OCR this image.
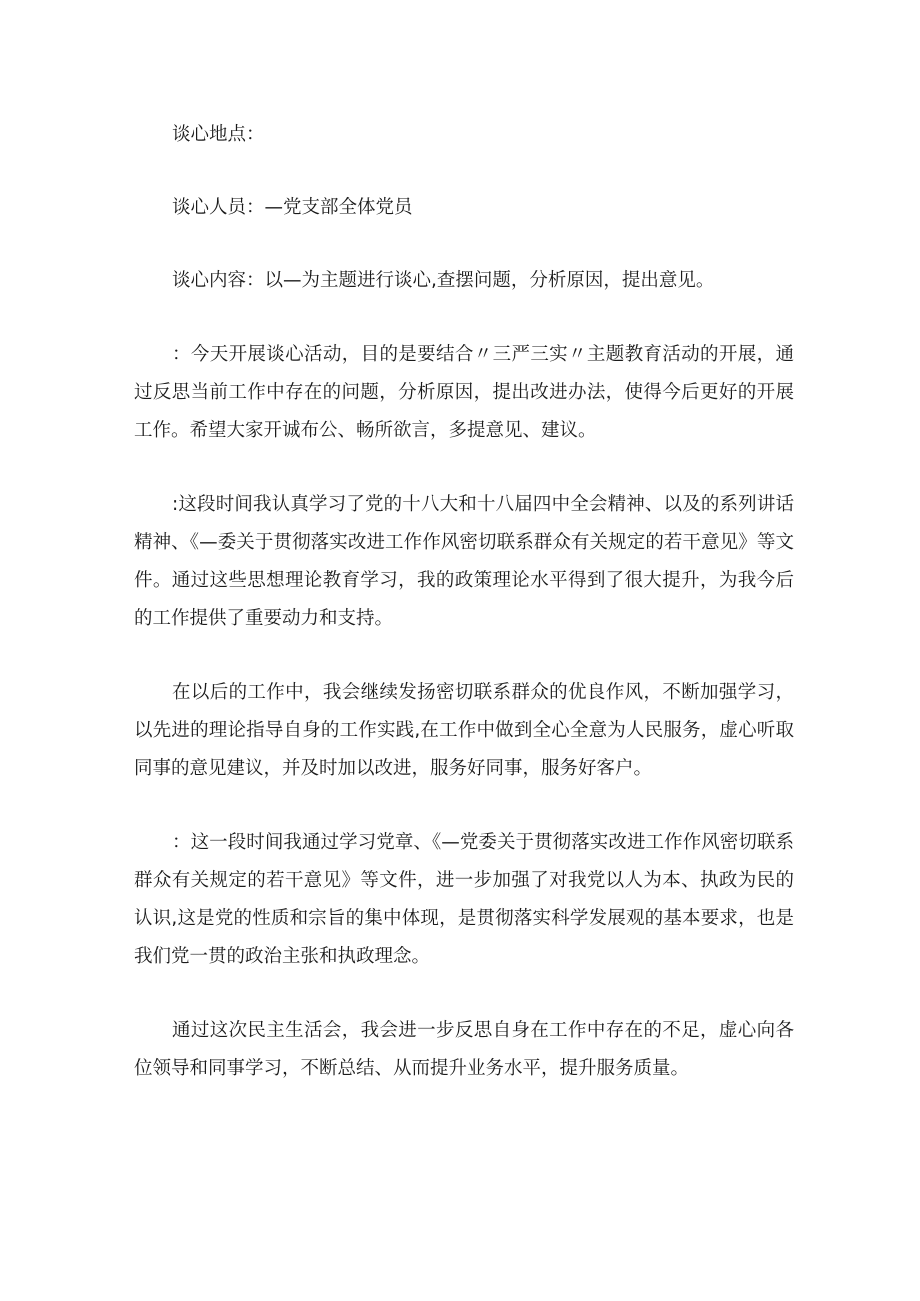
谈心地点：

谈心人员：—党支部全体党员

谈心内容：以—为主题进行谈心,查摆问题，分析原因，提出意见。

：今天开展谈心活动，目的是要结合〃三严三实〃主题教育活动的开展，通过反思当前工作中存在的问题，分析原因，提出改进办法，使得今后更好的开展工作。希望大家开诚布公、畅所欲言，多提意见、建议。

:这段时间我认真学习了党的十八大和十八届四中全会精神、以及的系列讲话精神、《—委关于贯彻落实改进工作作风密切联系群众有关规定的若干意见》等文件。通过这些思想理论教育学习，我的政策理论水平得到了很大提升，为我今后的工作提供了重要动力和支持。

在以后的工作中，我会继续发扬密切联系群众的优良作风，不断加强学习，以先进的理论指导自身的工作实践,在工作中做到全心全意为人民服务，虚心听取同事的意见建议，并及时加以改进，服务好同事，服务好客户。

：这一段时间我通过学习党章、《—党委关于贯彻落实改进工作作风密切联系群众有关规定的若干意见》等文件，进一步加强了对我党以人为本、执政为民的认识,这是党的性质和宗旨的集中体现，是贯彻落实科学发展观的基本要求，也是我们党一贯的政治主张和执政理念。

通过这次民主生活会，我会进一步反思自身在工作中存在的不足，虚心向各位领导和同事学习，不断总结、从而提升业务水平，提升服务质量。
